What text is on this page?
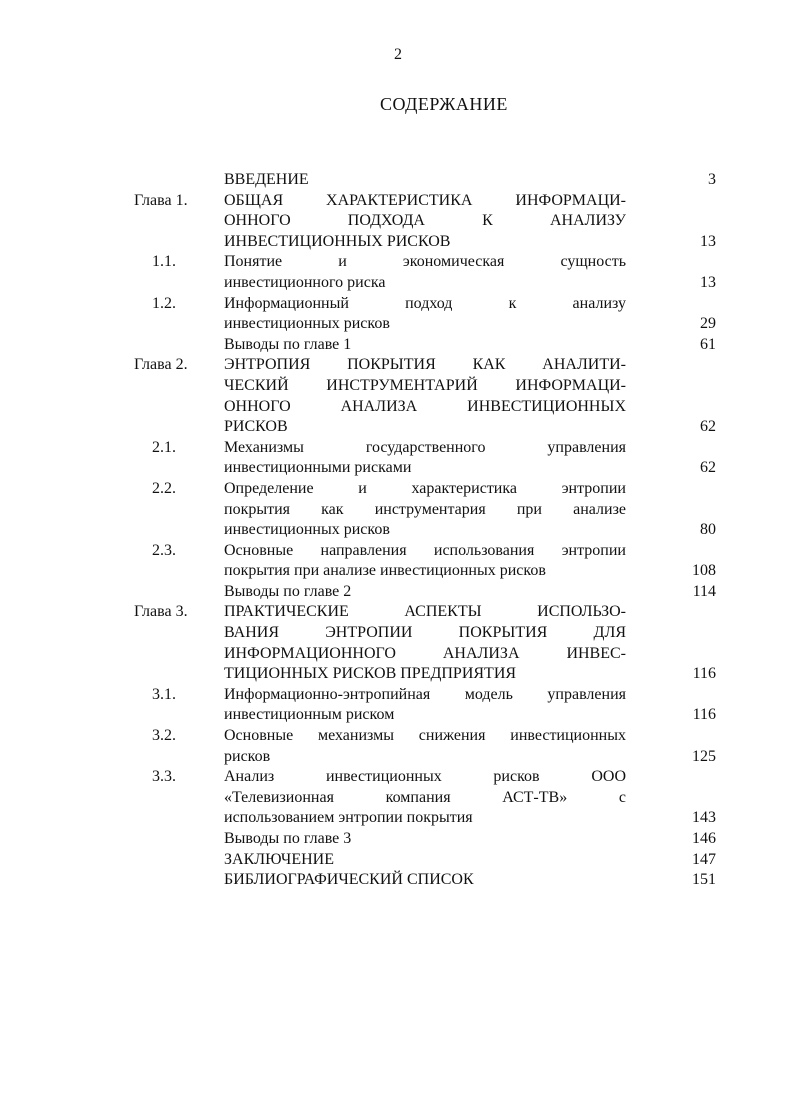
2
СОДЕРЖАНИЕ
ВВЕДЕНИЕ	3
Глава 1.	ОБЩАЯ ХАРАКТЕРИСТИКА ИНФОРМАЦИ-
ОННОГО ПОДХОДА К АНАЛИЗУ
ИНВЕСТИЦИОННЫХ РИСКОВ	13
1.1.	Понятие и экономическая сущность
инвестиционного риска	13
1.2.	Информационный подход к анализу
инвестиционных рисков	29
Выводы по главе 1	61
Глава 2.	ЭНТРОПИЯ ПОКРЫТИЯ КАК АНАЛИТИ-
ЧЕСКИЙ ИНСТРУМЕНТАРИЙ ИНФОРМАЦИ-
ОННОГО АНАЛИЗА ИНВЕСТИЦИОННЫХ
РИСКОВ	62
2.1.	Механизмы государственного управления
инвестиционными рисками	62
2.2.	Определение и характеристика энтропии
покрытия как инструментария при анализе
инвестиционных рисков	80
2.3.	Основные направления использования энтропии
покрытия при анализе инвестиционных рисков	108
Выводы по главе 2	114
Глава 3.	ПРАКТИЧЕСКИЕ АСПЕКТЫ ИСПОЛЬЗО-
ВАНИЯ ЭНТРОПИИ ПОКРЫТИЯ ДЛЯ
ИНФОРМАЦИОННОГО АНАЛИЗА ИНВЕС-
ТИЦИОННЫХ РИСКОВ ПРЕДПРИЯТИЯ	116
3.1.	Информационно-энтропийная модель управления
инвестиционным риском	116
3.2.	Основные механизмы снижения инвестиционных
рисков	125
3.3.	Анализ инвестиционных рисков ООО
«Телевизионная компания АСТ-ТВ» с
использованием энтропии покрытия	143
Выводы по главе 3	146
ЗАКЛЮЧЕНИЕ	147
БИБЛИОГРАФИЧЕСКИЙ СПИСОК	151
